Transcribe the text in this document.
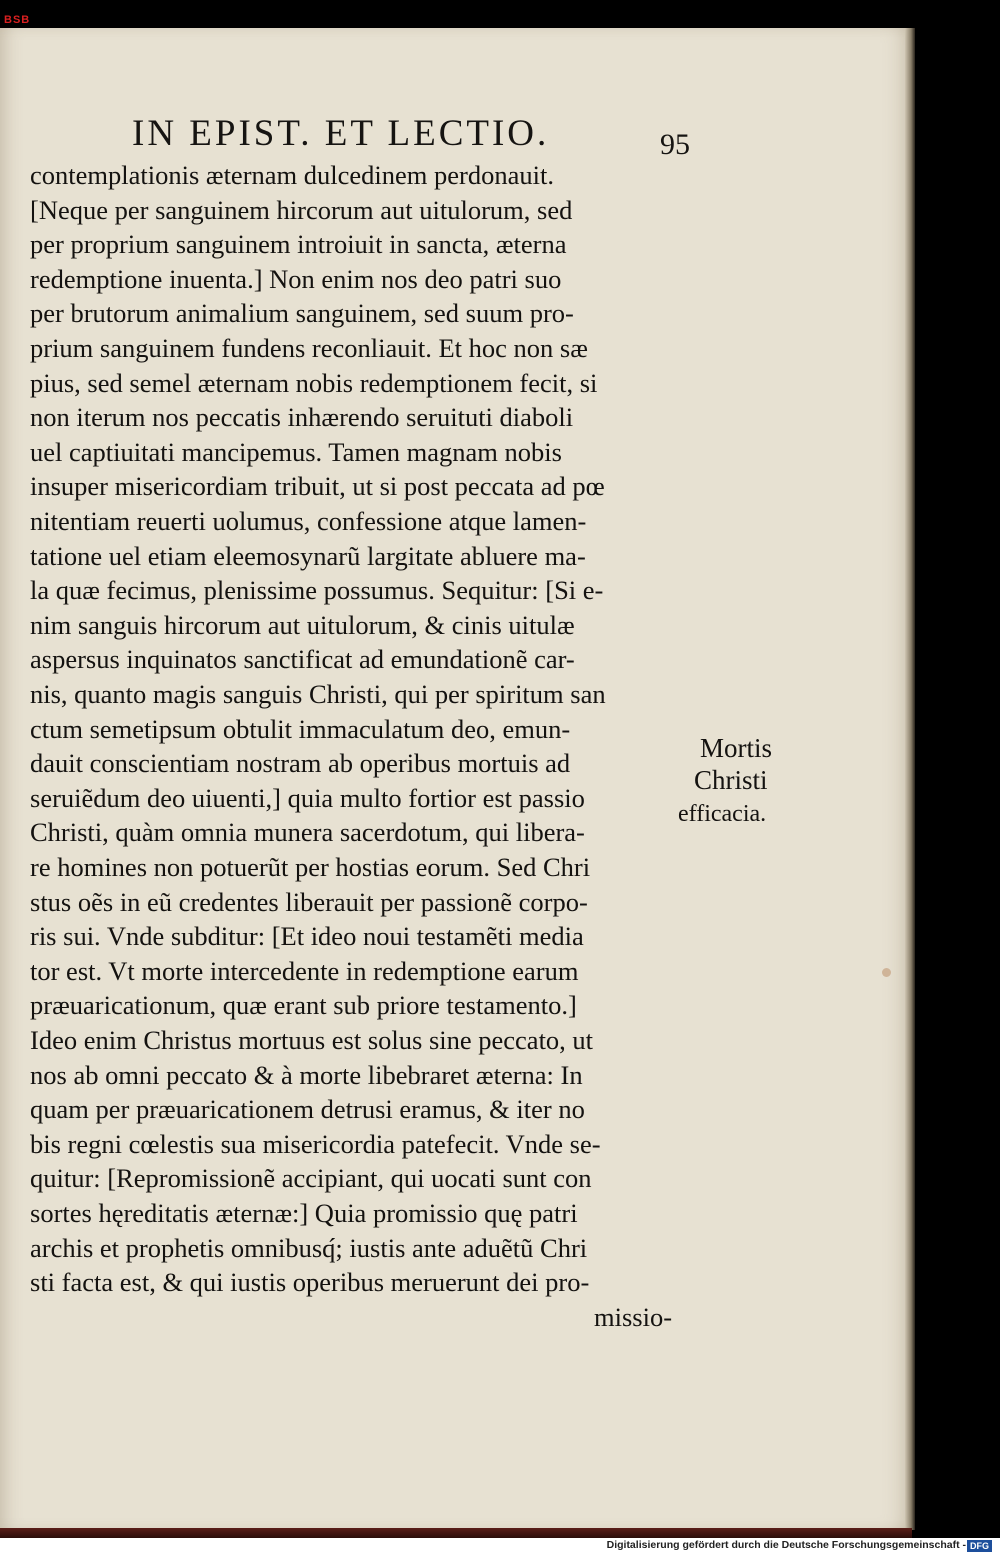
BSB
IN EPIST. ET LECTIO.	95
contemplationis æternam dulcedinem perdonauit.
[Neque per sanguinem hircorum aut uitulorum, sed
per proprium sanguinem introiuit in sancta, æterna
redemptione inuenta.] Non enim nos deo patri suo
per brutorum animalium sanguinem, sed suum pro-
prium sanguinem fundens reconliauit. Et hoc non sæ
pius, sed semel æternam nobis redemptionem fecit, si
non iterum nos peccatis inhærendo seruituti diaboli
uel captiuitati mancipemus. Tamen magnam nobis
insuper misericordiam tribuit, ut si post peccata ad pœ
nitentiam reuerti uolumus, confessione atque lamen-
tatione uel etiam eleemosynarũ largitate abluere ma-
la quæ fecimus, plenissime possumus. Sequitur: [Si e-
nim sanguis hircorum aut uitulorum, & cinis uitulæ
aspersus inquinatos sanctificat ad emundationẽ car-
nis, quanto magis sanguis Christi, qui per spiritum san
ctum semetipsum obtulit immaculatum deo, emun-
dauit conscientiam nostram ab operibus mortuis ad
seruiẽdum deo uiuenti,] quia multo fortior est passio
Christi, quàm omnia munera sacerdotum, qui libera-
re homines non potuerũt per hostias eorum. Sed Chri
stus oẽs in eũ credentes liberauit per passionẽ corpo-
ris sui. Vnde subditur: [Et ideo noui testamẽti media
tor est. Vt morte intercedente in redemptione earum
præuaricationum, quæ erant sub priore testamento.]
Ideo enim Christus mortuus est solus sine peccato, ut
nos ab omni peccato & à morte libebraret æterna: In
quam per præuaricationem detrusi eramus, & iter no
bis regni cœlestis sua misericordia patefecit. Vnde se-
quitur: [Repromissionẽ accipiant, qui uocati sunt con
sortes hęreditatis æternæ:] Quia promissio quę patri
archis et prophetis omnibusq́; iustis ante aduẽtũ Chri
sti facta est, & qui iustis operibus meruerunt dei pro-
missio-
Mortis
Christi
efficacia.
Digitalisierung gefördert durch die Deutsche Forschungsgemeinschaft - DFG
